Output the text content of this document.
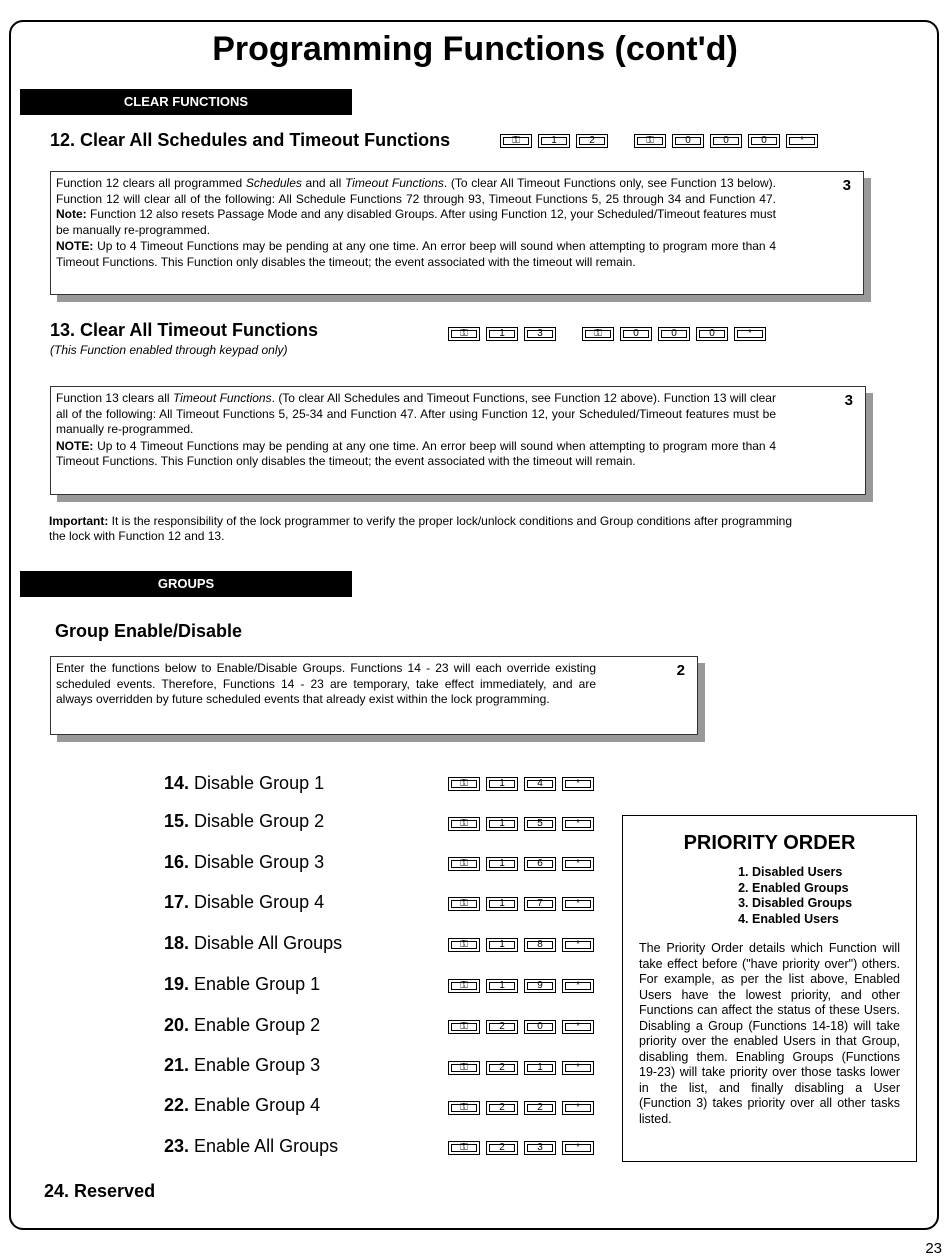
Programming Functions (cont'd)
CLEAR FUNCTIONS
12. Clear All Schedules and Timeout Functions	⚿	1	2	⚿	0	0	0	*

Function 12 clears all programmed Schedules and all Timeout Functions. (To clear All Timeout Functions only, see Function 13 below). Function 12 will clear all of the following: All Schedule Functions 72 through 93, Timeout Functions 5, 25 through 34 and Function 47. Note: Function 12 also resets Passage Mode and any disabled Groups. After using Function 12, your Scheduled/Timeout features must be manually re-programmed.

NOTE: Up to 4 Timeout Functions may be pending at any one time. An error beep will sound when attempting to program more than 4 Timeout Functions. This Function only disables the timeout; the event associated with the timeout will remain.

3
13. Clear All Timeout Functions
(This Function enabled through keypad only)
⚿	1	3	⚿	0	0	0	*

Function 13 clears all Timeout Functions. (To clear All Schedules and Timeout Functions, see Function 12 above). Function 13 will clear all of the following: All Timeout Functions 5, 25-34 and Function 47. After using Function 12, your Scheduled/Timeout features must be manually re-programmed.

NOTE: Up to 4 Timeout Functions may be pending at any one time. An error beep will sound when attempting to program more than 4 Timeout Functions. This Function only disables the timeout; the event associated with the timeout will remain.

3
Important: It is the responsibility of the lock programmer to verify the proper lock/unlock conditions and Group conditions after programming the lock with Function 12 and 13.
GROUPS
Group Enable/Disable
Enter the functions below to Enable/Disable Groups. Functions 14 - 23 will each override existing scheduled events. Therefore, Functions 14 - 23 are temporary, take effect immediately, and are always overridden by future scheduled events that already exist within the lock programming.
2
14. Disable Group 1	⚿	1	4	*
15. Disable Group 2	⚿	1	5	*
16. Disable Group 3	⚿	1	6	*
17. Disable Group 4	⚿	1	7	*
18. Disable All Groups	⚿	1	8	*
19. Enable Group 1	⚿	1	9	*
20. Enable Group 2	⚿	2	0	*
21. Enable Group 3	⚿	2	1	*
22. Enable Group 4	⚿	2	2	*
23. Enable All Groups	⚿	2	3	*
PRIORITY ORDER
1. Disabled Users
2. Enabled Groups
3. Disabled Groups
4. Enabled Users
The Priority Order details which Function will take effect before ("have priority over") others. For example, as per the list above, Enabled Users have the lowest priority, and other Functions can affect the status of these Users. Disabling a Group (Functions 14-18) will take priority over the enabled Users in that Group, disabling them. Enabling Groups (Functions 19-23) will take priority over those tasks lower in the list, and finally disabling a User (Function 3) takes priority over all other tasks listed.
24. Reserved
23
